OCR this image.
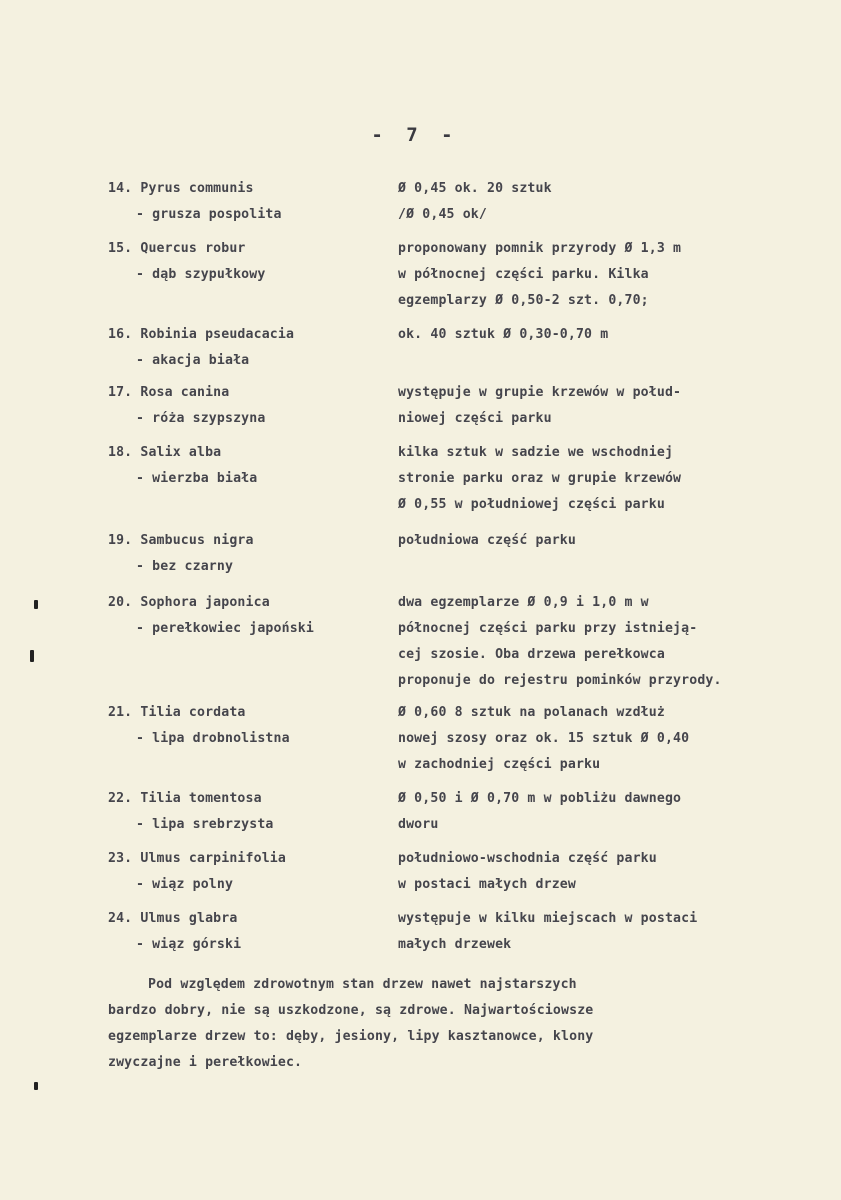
- 7 -
14. Pyrus communis
- grusza pospolita
Ø 0,45 ok. 20 sztuk
/Ø 0,45 ok/
15. Quercus robur
- dąb szypułkowy
proponowany pomnik przyrody Ø 1,3 m
w północnej części parku. Kilka
egzemplarzy Ø 0,50-2 szt. 0,70;
16. Robinia pseudacacia
- akacja biała
ok. 40 sztuk Ø 0,30-0,70 m
17. Rosa canina
- róża szypszyna
występuje w grupie krzewów w połud-
niowej części parku
18. Salix alba
- wierzba biała
kilka sztuk w sadzie we wschodniej
stronie parku oraz w grupie krzewów
Ø 0,55 w południowej części parku
19. Sambucus nigra
- bez czarny
południowa część parku
20. Sophora japonica
- perełkowiec japoński
dwa egzemplarze Ø 0,9 i 1,0 m w
północnej części parku przy istnieją-
cej szosie. Oba drzewa perełkowca
proponuje do rejestru pominków przyrody.
21. Tilia cordata
- lipa drobnolistna
Ø 0,60 8 sztuk na polanach wzdłuż
nowej szosy oraz ok. 15 sztuk Ø 0,40
w zachodniej części parku
22. Tilia tomentosa
- lipa srebrzysta
Ø 0,50 i Ø 0,70 m w pobliżu dawnego
dworu
23. Ulmus carpinifolia
- wiąz polny
południowo-wschodnia część parku
w postaci małych drzew
24. Ulmus glabra
- wiąz górski
występuje w kilku miejscach w postaci
małych drzewek
Pod względem zdrowotnym stan drzew nawet najstarszych
bardzo dobry, nie są uszkodzone, są zdrowe. Najwartościowsze
egzemplarze drzew to: dęby, jesiony, lipy kasztanowce, klony
zwyczajne i perełkowiec.
